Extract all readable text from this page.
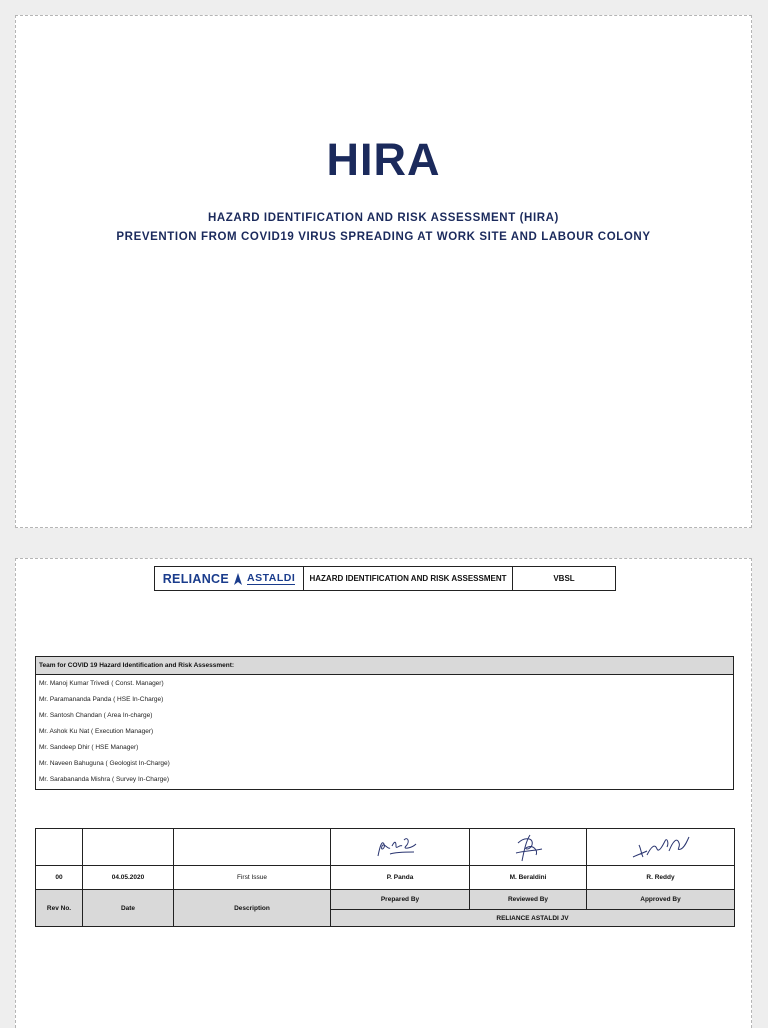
HIRA
HAZARD IDENTIFICATION AND RISK ASSESSMENT (HIRA)
PREVENTION FROM COVID19 VIRUS SPREADING AT WORK SITE AND LABOUR COLONY
RELIANCE ASTALDI	HAZARD IDENTIFICATION AND RISK ASSESSMENT	VBSL
Team for COVID 19 Hazard Identification and Risk Assessment:
Mr. Manoj Kumar Trivedi ( Const. Manager)
Mr. Paramananda Panda ( HSE In-Charge)
Mr. Santosh Chandan ( Area In-charge)
Mr. Ashok Ku Nat ( Execution Manager)
Mr. Sandeep Dhir ( HSE Manager)
Mr. Naveen Bahuguna ( Geologist In-Charge)
Mr. Sarabananda Mishra ( Survey In-Charge)

00	04.05.2020	First Issue	P. Panda	M. Beraldini	R. Reddy
Rev No.	Date	Description	Prepared By	Reviewed By	Approved By
			RELIANCE ASTALDI JV		
